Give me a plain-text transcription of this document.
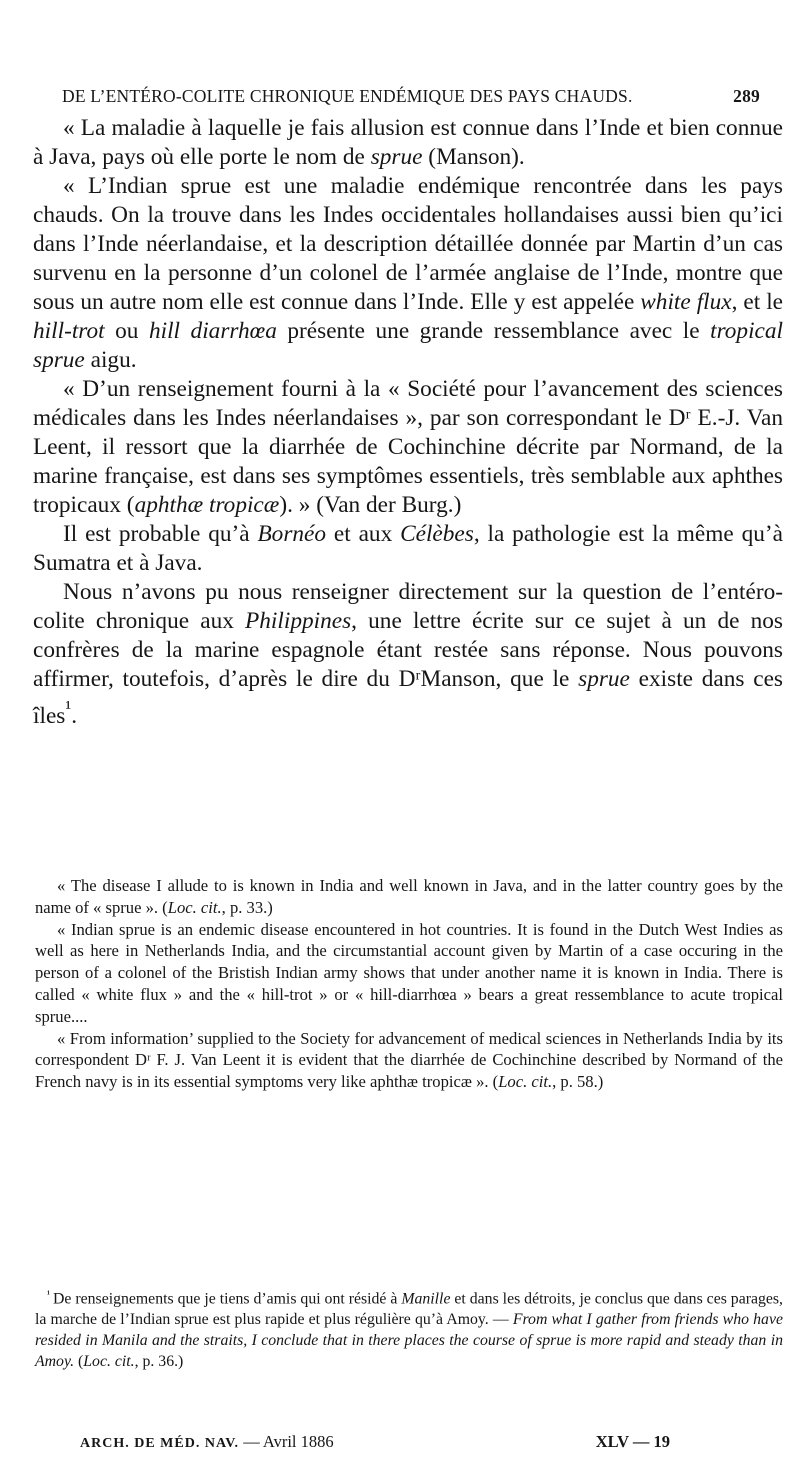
DE L’ENTÉRO-COLITE CHRONIQUE ENDÉMIQUE DES PAYS CHAUDS.	289

« La maladie à laquelle je fais allusion est connue dans l’Inde et bien connue à Java, pays où elle porte le nom de sprue (Manson).

« L’Indian sprue est une maladie endémique rencontrée dans les pays chauds. On la trouve dans les Indes occidentales hollandaises aussi bien qu’ici dans l’Inde néerlandaise, et la description détaillée donnée par Martin d’un cas survenu en la personne d’un colonel de l’armée anglaise de l’Inde, montre que sous un autre nom elle est connue dans l’Inde. Elle y est appelée white flux, et le hill-trot ou hill diarrhœa présente une grande ressemblance avec le tropical sprue aigu.

« D’un renseignement fourni à la « Société pour l’avancement des sciences médicales dans les Indes néerlandaises », par son correspondant le Dʳ E.-J. Van Leent, il ressort que la diarrhée de Cochinchine décrite par Normand, de la marine française, est dans ses symptômes essentiels, très semblable aux aphthes tropicaux (aphthæ tropicæ). » (Van der Burg.)

Il est probable qu’à Bornéo et aux Célèbes, la pathologie est la même qu’à Sumatra et à Java.

Nous n’avons pu nous renseigner directement sur la question de l’entéro-colite chronique aux Philippines, une lettre écrite sur ce sujet à un de nos confrères de la marine espagnole étant restée sans réponse. Nous pouvons affirmer, toutefois, d’après le dire du DʳManson, que le sprue existe dans ces îles$^{^1}$.

« The disease I allude to is known in India and well known in Java, and in the latter country goes by the name of « sprue ». (Loc. cit., p. 33.)

« Indian sprue is an endemic disease encountered in hot countries. It is found in the Dutch West Indies as well as here in Netherlands India, and the circumstantial account given by Martin of a case occuring in the person of a colonel of the Bristish Indian army shows that under another name it is known in India. There is called « white flux » and the « hill-trot » or « hill-diarrhœa » bears a great ressemblance to acute tropical sprue....

« From information’ supplied to the Society for advancement of medical sciences in Netherlands India by its correspondent Dʳ F. J. Van Leent it is evident that the diarrhée de Cochinchine described by Normand of the French navy is in its essential symptoms very like aphthæ tropicæ ». (Loc. cit., p. 58.)

$^{^1}$ De renseignements que je tiens d’amis qui ont résidé à Manille et dans les détroits, je conclus que dans ces parages, la marche de l’Indian sprue est plus rapide et plus régulière qu’à Amoy. — From what I gather from friends who have resided in Manila and the straits, I conclude that in there places the course of sprue is more rapid and steady than in Amoy. (Loc. cit., p. 36.)

ARCH. DE MÉD. NAV. — Avril 1886	XLV — 19
